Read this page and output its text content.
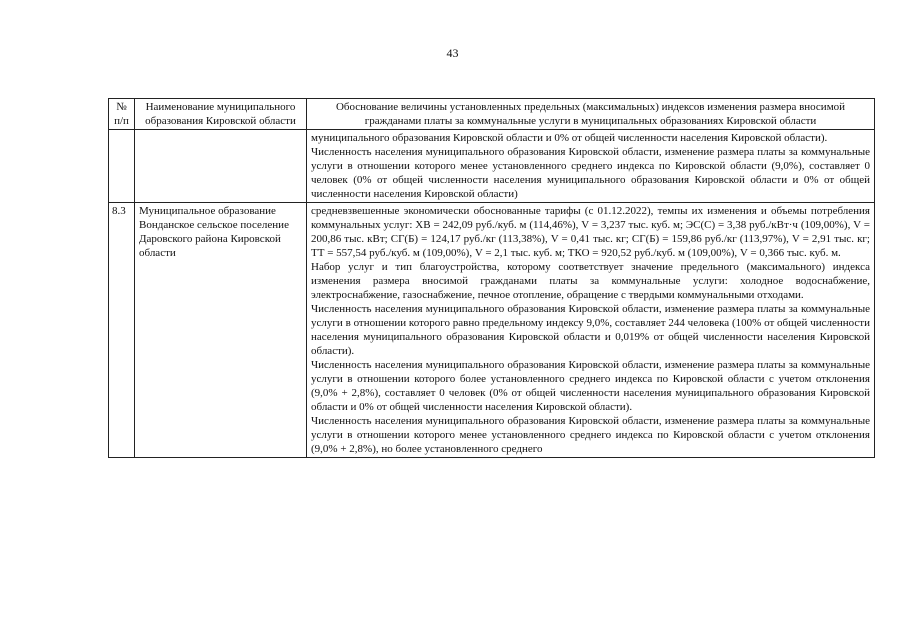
43
№ п/п	Наименование муниципального образования Кировской области	Обоснование величины установленных предельных (максимальных) индексов изменения размера вносимой гражданами платы за коммунальные услуги в муниципальных образованиях Кировской области

		муниципального образования Кировской области и 0% от общей численности населения Кировской области).

Численность населения муниципального образования Кировской области, изменение размера платы за коммунальные услуги в отношении которого менее установленного среднего индекса по Кировской области (9,0%), составляет 0 человек (0% от общей численности населения муниципального образования Кировской области и 0% от общей численности населения Кировской области)

8.3	Муниципальное образование Вонданское сельское поселение Даровского района Кировской области	средневзвешенные экономически обоснованные тарифы (с 01.12.2022), темпы их изменения и объемы потребления коммунальных услуг: ХВ = 242,09 руб./куб. м (114,46%), V = 3,237 тыс. куб. м; ЭС(С) = 3,38 руб./кВт·ч (109,00%), V = 200,86 тыс. кВт; СГ(Б) = 124,17 руб./кг (113,38%), V = 0,41 тыс. кг; СГ(Б) = 159,86 руб./кг (113,97%), V = 2,91 тыс. кг; ТТ = 557,54 руб./куб. м (109,00%), V = 2,1 тыс. куб. м; ТКО = 920,52 руб./куб. м (109,00%), V = 0,366 тыс. куб. м.

Набор услуг и тип благоустройства, которому соответствует значение предельного (максимального) индекса изменения размера вносимой гражданами платы за коммунальные услуги: холодное водоснабжение, электроснабжение, газоснабжение, печное отопление, обращение с твердыми коммунальными отходами.

Численность населения муниципального образования Кировской области, изменение размера платы за коммунальные услуги в отношении которого равно предельному индексу 9,0%, составляет 244 человека (100% от общей численности населения муниципального образования Кировской области и 0,019% от общей численности населения Кировской области).

Численность населения муниципального образования Кировской области, изменение размера платы за коммунальные услуги в отношении которого более установленного среднего индекса по Кировской области с учетом отклонения (9,0% + 2,8%), составляет 0 человек (0% от общей численности населения муниципального образования Кировской области и 0% от общей численности населения Кировской области).

Численность населения муниципального образования Кировской области, изменение размера платы за коммунальные услуги в отношении которого менее установленного среднего индекса по Кировской области с учетом отклонения (9,0% + 2,8%), но более установленного среднего
